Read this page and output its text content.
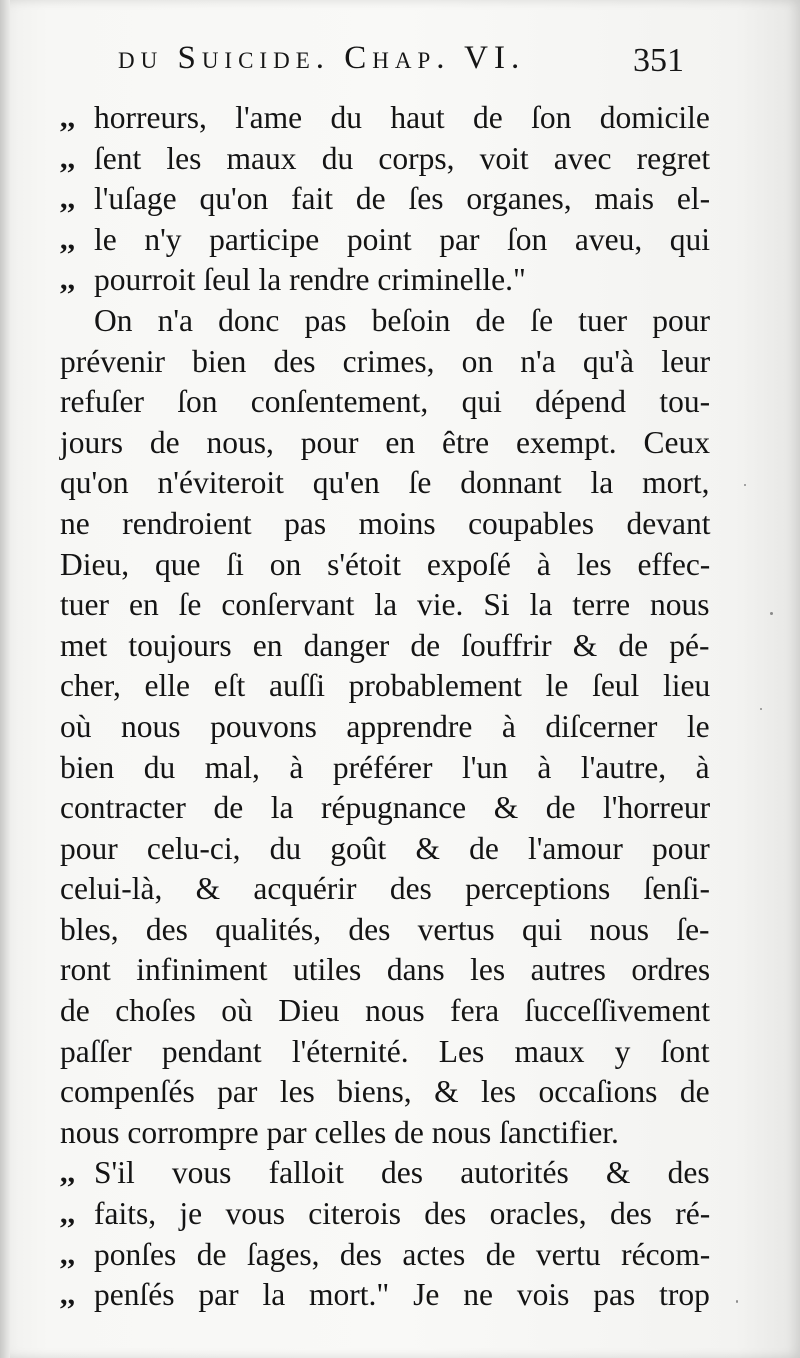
du Suicide. Chap. VI.	351
,, horreurs, l'ame du haut de ſon domicile
,, ſent les maux du corps, voit avec regret
,, l'uſage qu'on fait de ſes organes, mais el-
,, le n'y participe point par ſon aveu, qui
,, pourroit ſeul la rendre criminelle."
On n'a donc pas beſoin de ſe tuer pour
prévenir bien des crimes, on n'a qu'à leur
refuſer ſon conſentement, qui dépend tou-
jours de nous, pour en être exempt. Ceux
qu'on n'éviteroit qu'en ſe donnant la mort,
ne rendroient pas moins coupables devant
Dieu, que ſi on s'étoit expoſé à les effec-
tuer en ſe conſervant la vie. Si la terre nous
met toujours en danger de ſouffrir & de pé-
cher, elle eſt auſſi probablement le ſeul lieu
où nous pouvons apprendre à diſcerner le
bien du mal, à préférer l'un à l'autre, à
contracter de la répugnance & de l'horreur
pour celu-ci, du goût & de l'amour pour
celui-là, & acquérir des perceptions ſenſi-
bles, des qualités, des vertus qui nous ſe-
ront infiniment utiles dans les autres ordres
de choſes où Dieu nous fera ſucceſſivement
paſſer pendant l'éternité. Les maux y ſont
compenſés par les biens, & les occaſions de
nous corrompre par celles de nous ſanctifier.
,, S'il vous falloit des autorités & des
,, faits, je vous citerois des oracles, des ré-
,, ponſes de ſages, des actes de vertu récom-
,, penſés par la mort." Je ne vois pas trop
